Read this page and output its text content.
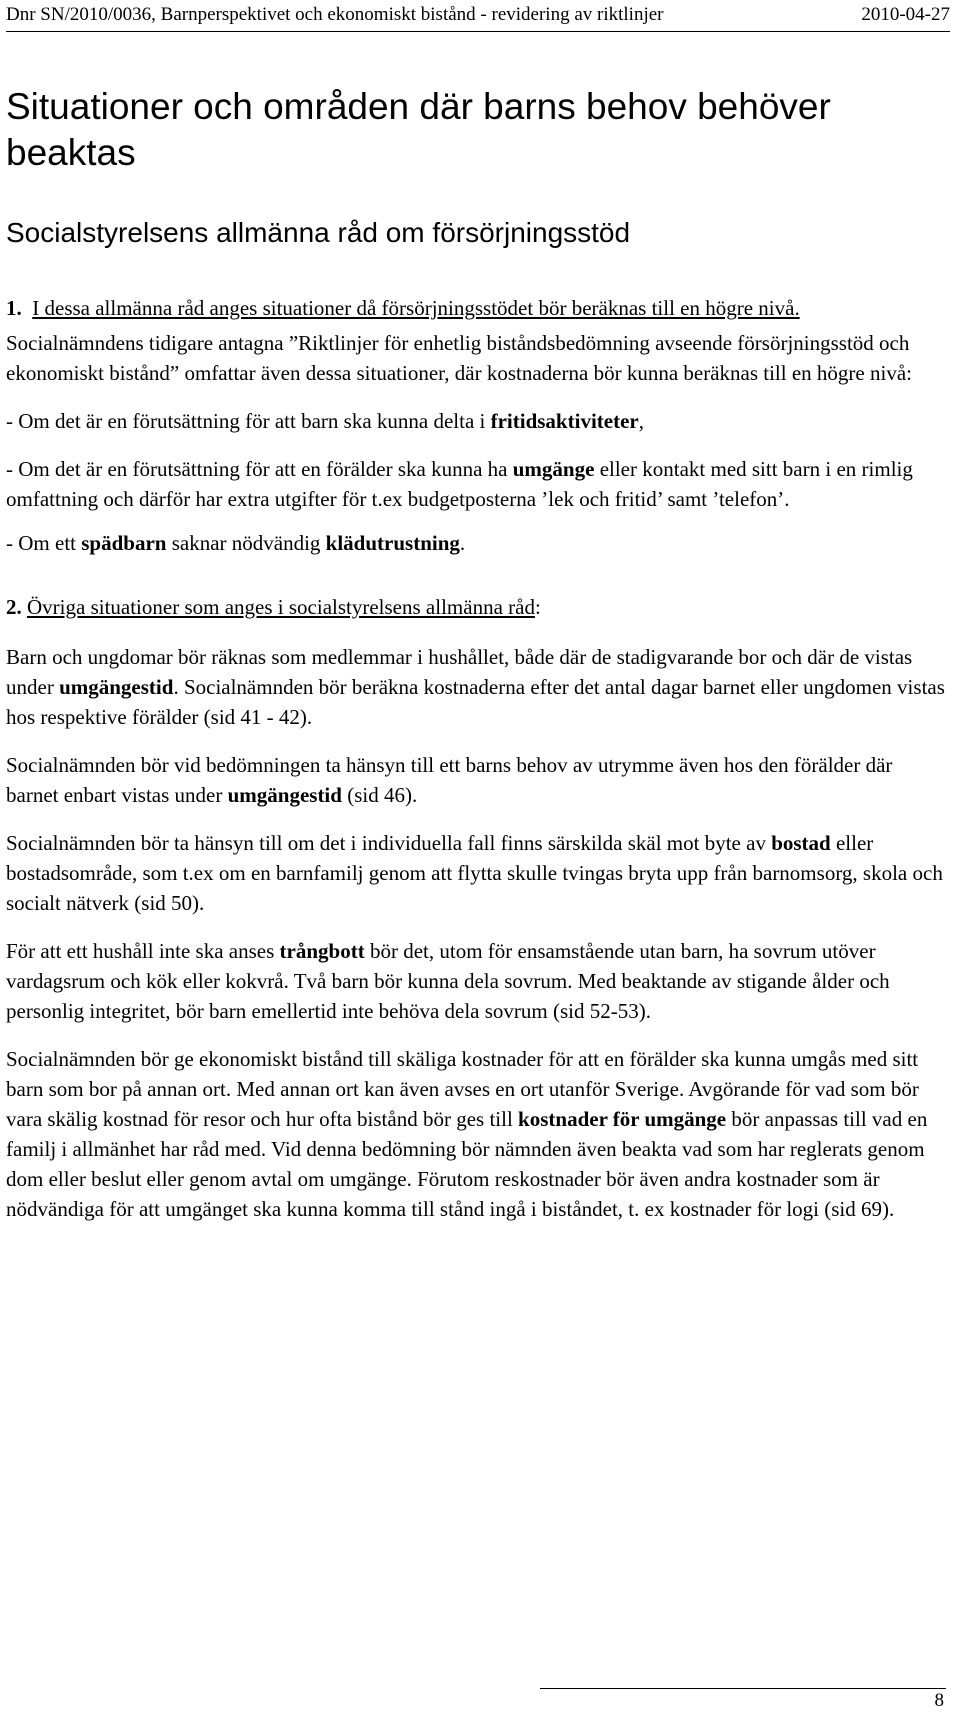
Dnr SN/2010/0036, Barnperspektivet och ekonomiskt bistånd - revidering av riktlinjer	2010-04-27
Situationer och områden där barns behov behöver beaktas
Socialstyrelsens allmänna råd om försörjningsstöd

1. I dessa allmänna råd anges situationer då försörjningsstödet bör beräknas till en högre nivå.

Socialnämndens tidigare antagna ”Riktlinjer för enhetlig biståndsbedömning avseende försörjningsstöd och ekonomiskt bistånd” omfattar även dessa situationer, där kostnaderna bör kunna beräknas till en högre nivå:

- Om det är en förutsättning för att barn ska kunna delta i fritidsaktiviteter,

- Om det är en förutsättning för att en förälder ska kunna ha umgänge eller kontakt med sitt barn i en rimlig omfattning och därför har extra utgifter för t.ex budgetposterna ’lek och fritid’ samt ’telefon’.

- Om ett spädbarn saknar nödvändig klädutrustning.

2. Övriga situationer som anges i socialstyrelsens allmänna råd:

Barn och ungdomar bör räknas som medlemmar i hushållet, både där de stadigvarande bor och där de vistas under umgängestid. Socialnämnden bör beräkna kostnaderna efter det antal dagar barnet eller ungdomen vistas hos respektive förälder (sid 41 - 42).

Socialnämnden bör vid bedömningen ta hänsyn till ett barns behov av utrymme även hos den förälder där barnet enbart vistas under umgängestid (sid 46).

Socialnämnden bör ta hänsyn till om det i individuella fall finns särskilda skäl mot byte av bostad eller bostadsområde, som t.ex om en barnfamilj genom att flytta skulle tvingas bryta upp från barnomsorg, skola och socialt nätverk (sid 50).

För att ett hushåll inte ska anses trångbott bör det, utom för ensamstående utan barn, ha sovrum utöver vardagsrum och kök eller kokvrå. Två barn bör kunna dela sovrum. Med beaktande av stigande ålder och personlig integritet, bör barn emellertid inte behöva dela sovrum (sid 52-53).

Socialnämnden bör ge ekonomiskt bistånd till skäliga kostnader för att en förälder ska kunna umgås med sitt barn som bor på annan ort. Med annan ort kan även avses en ort utanför Sverige. Avgörande för vad som bör vara skälig kostnad för resor och hur ofta bistånd bör ges till kostnader för umgänge bör anpassas till vad en familj i allmänhet har råd med. Vid denna bedömning bör nämnden även beakta vad som har reglerats genom dom eller beslut eller genom avtal om umgänge. Förutom reskostnader bör även andra kostnader som är nödvändiga för att umgänget ska kunna komma till stånd ingå i biståndet, t. ex kostnader för logi (sid 69).

8
